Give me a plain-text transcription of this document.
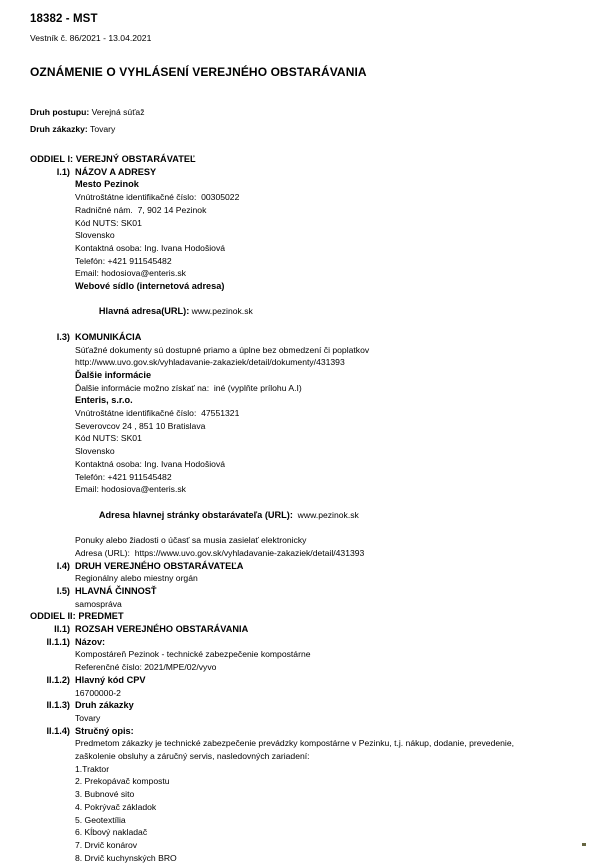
18382 - MST
Vestník č. 86/2021 - 13.04.2021
OZNÁMENIE O VYHLÁSENÍ VEREJNÉHO OBSTARÁVANIA
Druh postupu: Verejná súťaž
Druh zákazky: Tovary
ODDIEL I: VEREJNÝ OBSTARÁVATEĽ
I.1) NÁZOV A ADRESY
Mesto Pezinok
Vnútroštátne identifikačné číslo:  00305022
Radničné nám.  7, 902 14 Pezinok
Kód NUTS: SK01
Slovensko
Kontaktná osoba: Ing. Ivana Hodošiová
Telefón: +421 911545482
Email: hodosiova@enteris.sk
Webové sídlo (internetová adresa)

Hlavná adresa(URL): www.pezinok.sk

I.3) KOMUNIKÁCIA
Súťažné dokumenty sú dostupné priamo a úplne bez obmedzení či poplatkov
http://www.uvo.gov.sk/vyhladavanie-zakaziek/detail/dokumenty/431393
Ďalšie informácie
Ďalšie informácie možno získať na:  iné (vyplňte prílohu A.I)
Enteris, s.r.o.
Vnútroštátne identifikačné číslo:  47551321
Severovcov 24 , 851 10 Bratislava
Kód NUTS: SK01
Slovensko
Kontaktná osoba: Ing. Ivana Hodošiová
Telefón: +421 911545482
Email: hodosiova@enteris.sk

Adresa hlavnej stránky obstarávateľa (URL): www.pezinok.sk

Ponuky alebo žiadosti o účasť sa musia zasielať elektronicky
Adresa (URL):  https://www.uvo.gov.sk/vyhladavanie-zakaziek/detail/431393
I.4) DRUH VEREJNÉHO OBSTARÁVATEĽA
Regionálny alebo miestny orgán
I.5) HLAVNÁ ČINNOSŤ
samospráva
ODDIEL II: PREDMET
II.1) ROZSAH VEREJNÉHO OBSTARÁVANIA
II.1.1) Názov:
Kompostáreň Pezinok - technické zabezpečenie kompostárne
Referenčné číslo: 2021/MPE/02/vyvo
II.1.2) Hlavný kód CPV
16700000-2
II.1.3) Druh zákazky
Tovary
II.1.4) Stručný opis:
Predmetom zákazky je technické zabezpečenie prevádzky kompostárne v Pezinku, t.j. nákup, dodanie, prevedenie, zaškolenie obsluhy a záručný servis, nasledovných zariadení:
1.Traktor
2. Prekopávač kompostu
3. Bubnové sito
4. Pokrývač základok
5. Geotextília
6. Kĺbový nakladač
7. Drvič konárov
8. Drvič kuchynských BRO
